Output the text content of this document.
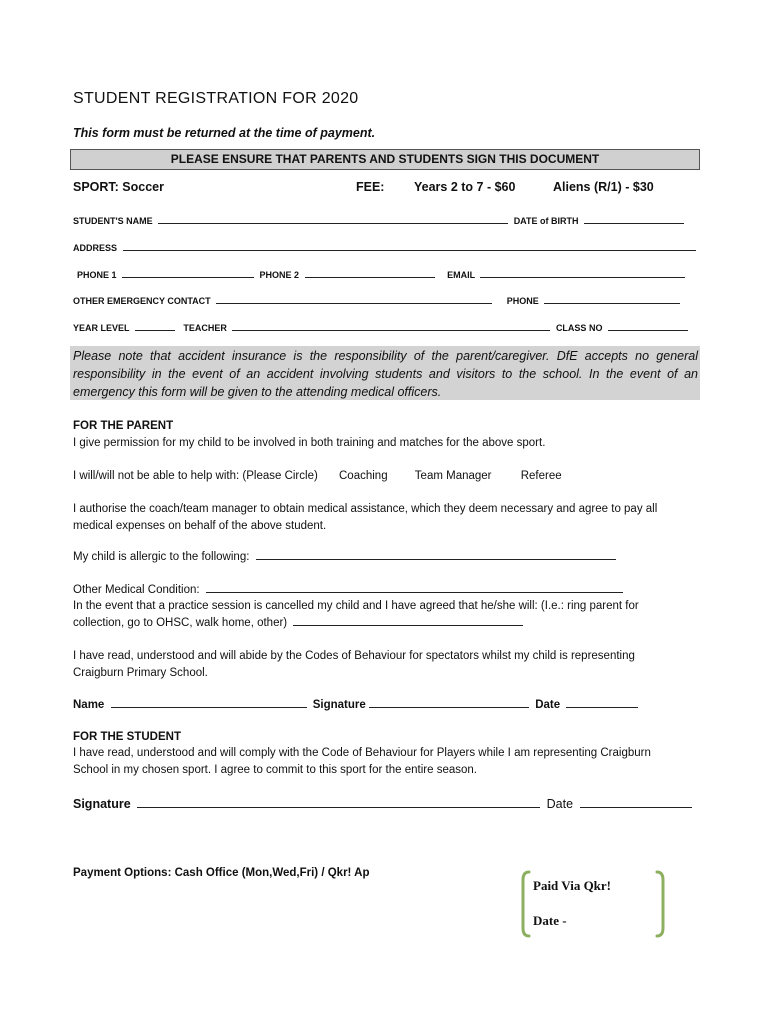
STUDENT REGISTRATION FOR 2020
This form must be returned at the time of payment.
PLEASE ENSURE THAT PARENTS AND STUDENTS SIGN THIS DOCUMENT
SPORT: Soccer	FEE: Years 2 to 7 - $60	Aliens (R/1) - $30
STUDENT'S NAME	DATE of BIRTH
ADDRESS
PHONE 1	PHONE 2	EMAIL
OTHER EMERGENCY CONTACT	PHONE
YEAR LEVEL	TEACHER	CLASS NO
Please note that accident insurance is the responsibility of the parent/caregiver. DfE accepts no general responsibility in the event of an accident involving students and visitors to the school. In the event of an emergency this form will be given to the attending medical officers.
FOR THE PARENT
I give permission for my child to be involved in both training and matches for the above sport.
I will/will not be able to help with: (Please Circle) Coaching Team Manager	Referee
I authorise the coach/team manager to obtain medical assistance, which they deem necessary and agree to pay all medical expenses on behalf of the above student.
My child is allergic to the following:
Other Medical Condition:
In the event that a practice session is cancelled my child and I have agreed that he/she will: (I.e.: ring parent for collection, go to OHSC, walk home, other)
I have read, understood and will abide by the Codes of Behaviour for spectators whilst my child is representing Craigburn Primary School.
Name	Signature	Date
FOR THE STUDENT
I have read, understood and will comply with the Code of Behaviour for Players while I am representing Craigburn School in my chosen sport. I agree to commit to this sport for the entire season.
Signature	Date
Payment Options: Cash Office (Mon,Wed,Fri) / Qkr! Ap
Paid Via Qkr!
Date -
